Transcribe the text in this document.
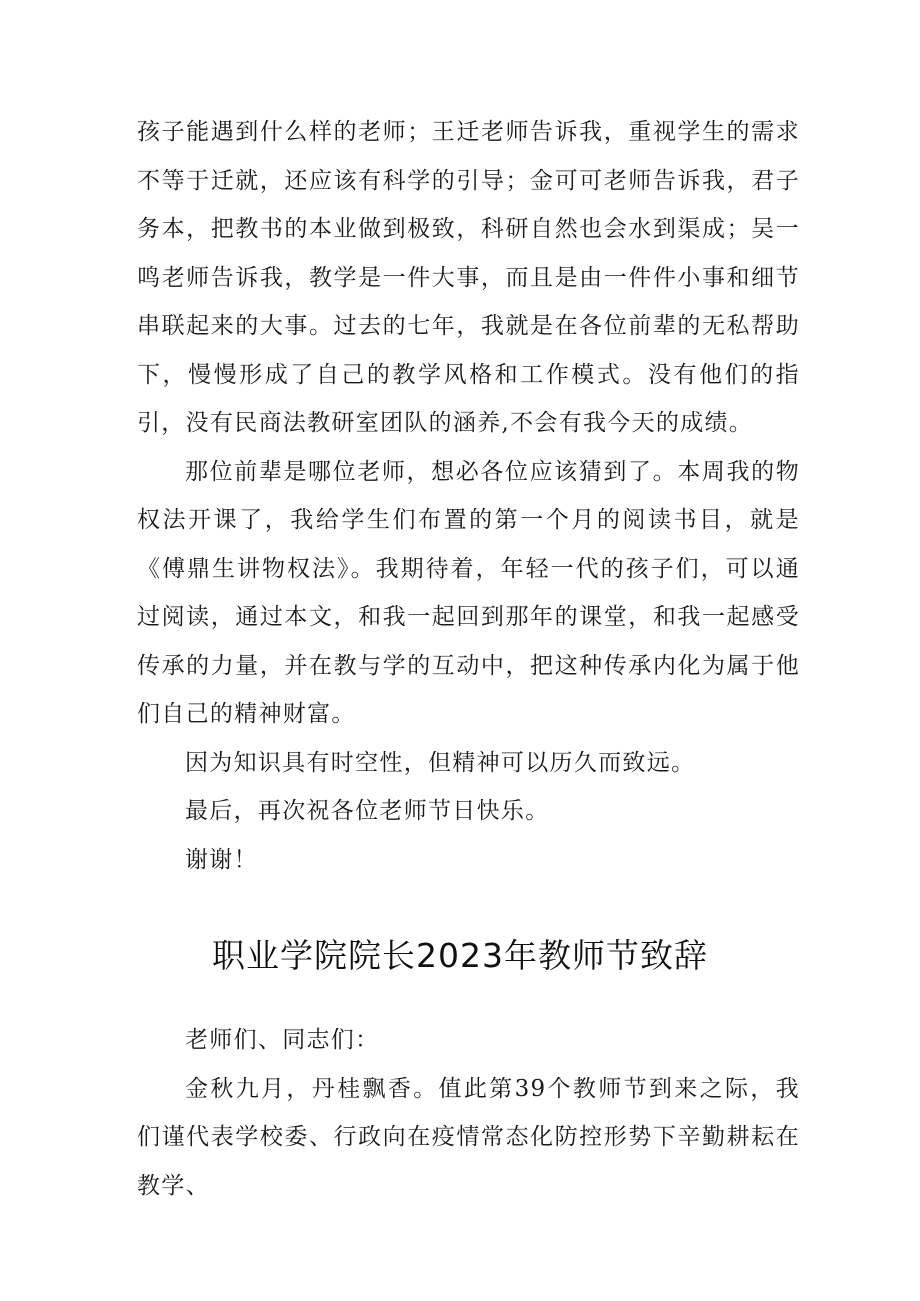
孩子能遇到什么样的老师；王迁老师告诉我，重视学生的需求不等于迁就，还应该有科学的引导；金可可老师告诉我，君子务本，把教书的本业做到极致，科研自然也会水到渠成；吴一鸣老师告诉我，教学是一件大事，而且是由一件件小事和细节串联起来的大事。过去的七年，我就是在各位前辈的无私帮助下，慢慢形成了自己的教学风格和工作模式。没有他们的指引，没有民商法教研室团队的涵养,不会有我今天的成绩。

那位前辈是哪位老师，想必各位应该猜到了。本周我的物权法开课了，我给学生们布置的第一个月的阅读书目，就是《傅鼎生讲物权法》。我期待着，年轻一代的孩子们，可以通过阅读，通过本文，和我一起回到那年的课堂，和我一起感受传承的力量，并在教与学的互动中，把这种传承内化为属于他们自己的精神财富。

因为知识具有时空性，但精神可以历久而致远。

最后，再次祝各位老师节日快乐。

谢谢！

职业学院院长2023年教师节致辞

老师们、同志们：

金秋九月，丹桂飘香。值此第39个教师节到来之际，我们谨代表学校委、行政向在疫情常态化防控形势下辛勤耕耘在教学、
